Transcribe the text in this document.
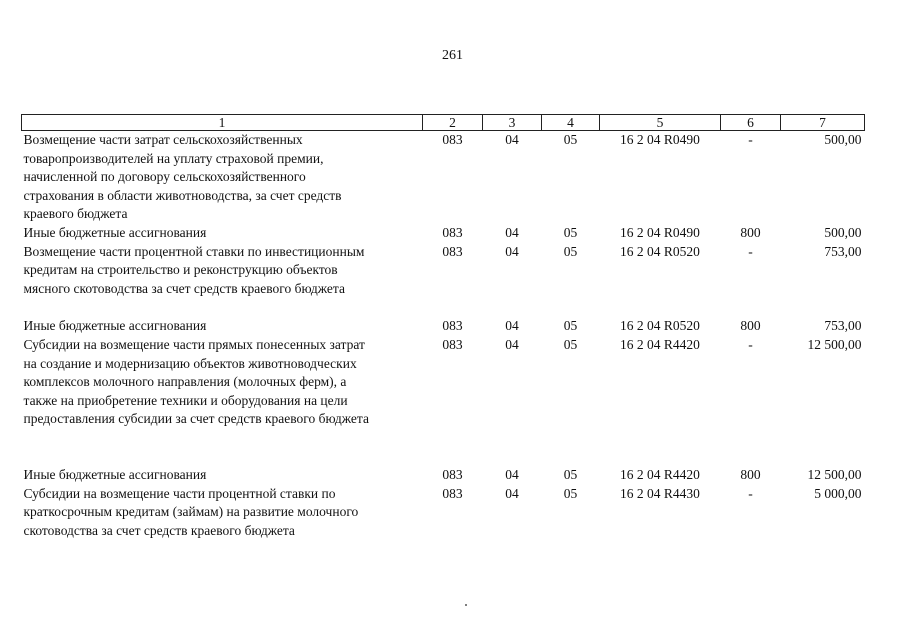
261
1	2	3	4	5	6	7
Возмещение части затрат сельскохозяйственных
товаропроизводителей на уплату страховой премии,
начисленной по договору сельскохозяйственного
страхования в области животноводства, за счет средств
краевого бюджета	083	04	05	16 2 04 R0490	-	500,00
Иные бюджетные ассигнования	083	04	05	16 2 04 R0490	800	500,00
Возмещение части процентной ставки по инвестиционным
кредитам на строительство и реконструкцию объектов
мясного скотоводства за счет средств краевого бюджета	083	04	05	16 2 04 R0520	-	753,00
Иные бюджетные ассигнования	083	04	05	16 2 04 R0520	800	753,00
Субсидии на возмещение части прямых понесенных затрат
на создание и модернизацию объектов животноводческих
комплексов молочного направления (молочных ферм), а
также на приобретение техники и оборудования на цели
предоставления субсидии за счет средств краевого бюджета	083	04	05	16 2 04 R4420	-	12 500,00
Иные бюджетные ассигнования	083	04	05	16 2 04 R4420	800	12 500,00
Субсидии на возмещение части процентной ставки по
краткосрочным кредитам (займам) на развитие молочного
скотоводства за счет средств краевого бюджета	083	04	05	16 2 04 R4430	-	5 000,00
